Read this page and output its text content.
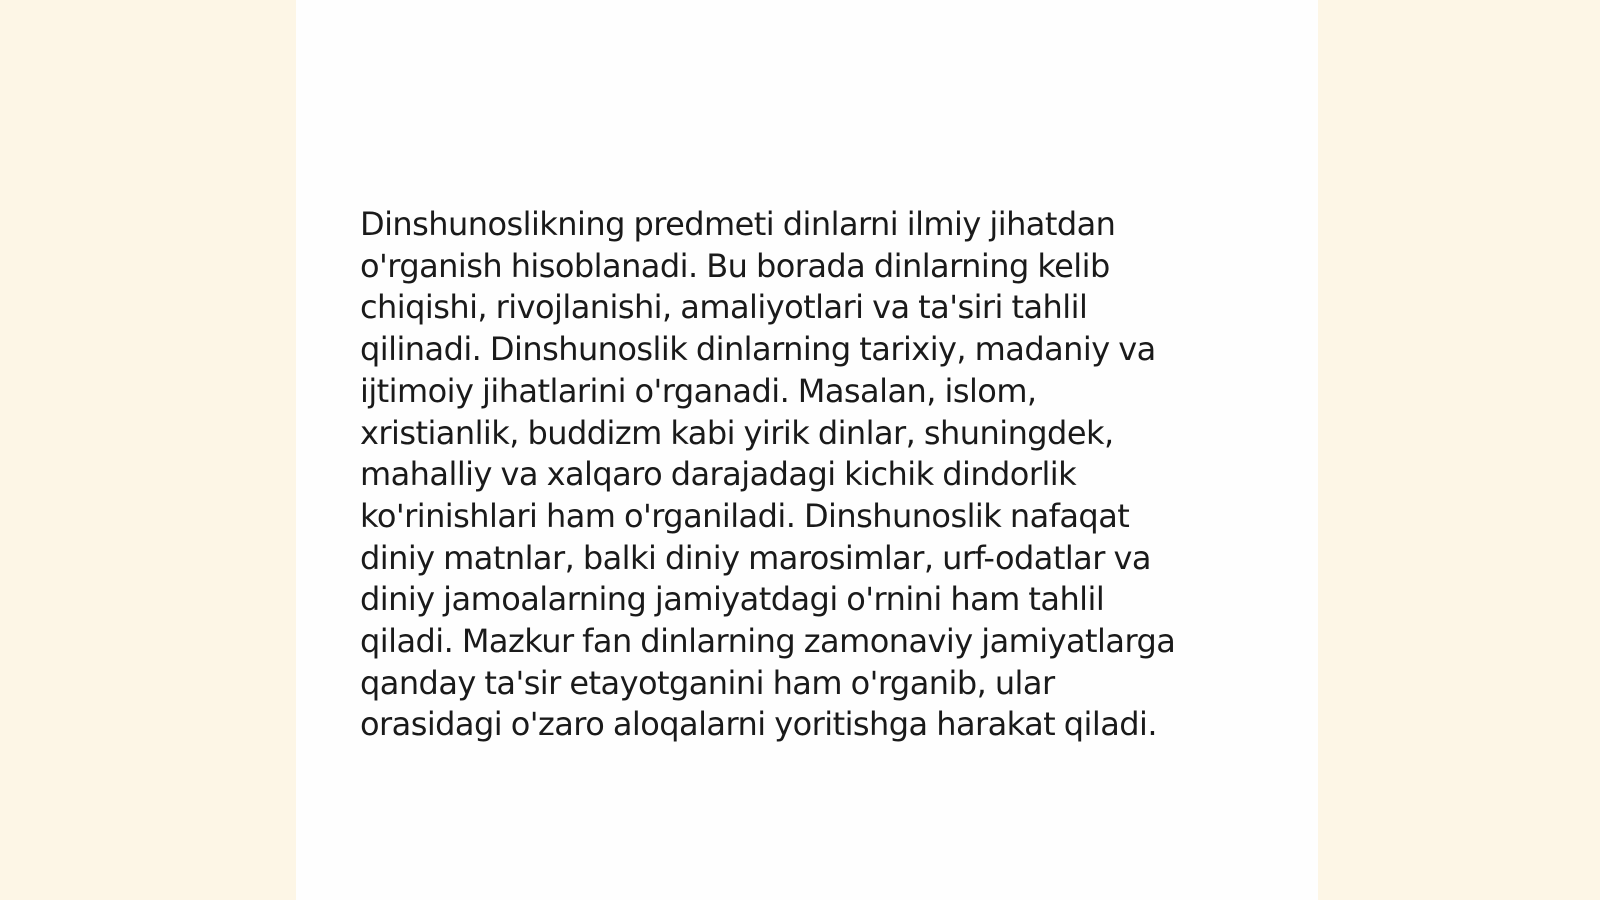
Dinshunoslikning predmeti dinlarni ilmiy jihatdan
o'rganish hisoblanadi. Bu borada dinlarning kelib
chiqishi, rivojlanishi, amaliyotlari va ta'siri tahlil
qilinadi. Dinshunoslik dinlarning tarixiy, madaniy va
ijtimoiy jihatlarini o'rganadi. Masalan, islom,
xristianlik, buddizm kabi yirik dinlar, shuningdek,
mahalliy va xalqaro darajadagi kichik dindorlik
ko'rinishlari ham o'rganiladi. Dinshunoslik nafaqat
diniy matnlar, balki diniy marosimlar, urf-odatlar va
diniy jamoalarning jamiyatdagi o'rnini ham tahlil
qiladi. Mazkur fan dinlarning zamonaviy jamiyatlarga
qanday ta'sir etayotganini ham o'rganib, ular
orasidagi o'zaro aloqalarni yoritishga harakat qiladi.
